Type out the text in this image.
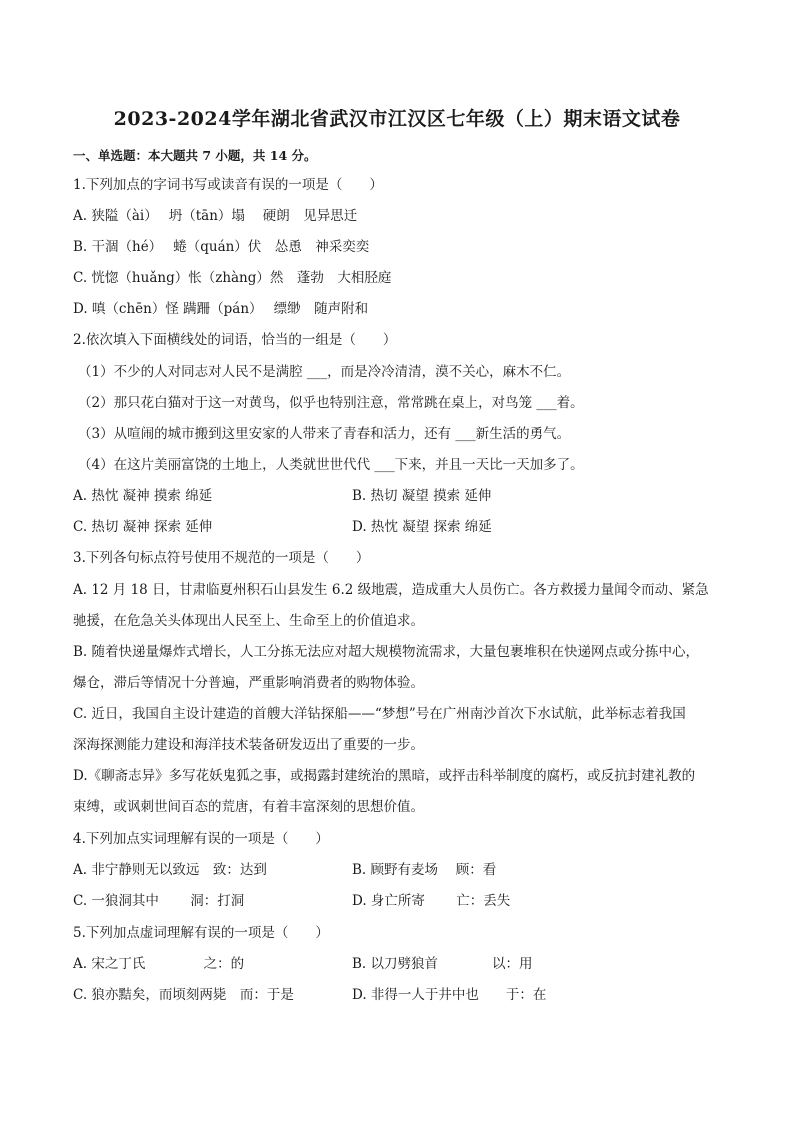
2023-2024学年湖北省武汉市江汉区七年级（上）期末语文试卷
一、单选题：本大题共 7 小题，共 14 分。
1.下列加点的字词书写或读音有误的一项是（　　）
A. 狭隘（ài）　 坍（tān）塌　 硬朗　见异思迁
B. 干涸（hé）　 蜷（quán）伏　怂恿　神采奕奕
C. 恍惚（huǎng）怅（zhàng）然　蓬勃　大相胫庭
D. 嗔（chēn）怪 蹒跚（pán）　 缥缈　随声附和
2.依次填入下面横线处的词语，恰当的一组是（　　）
（1）不少的人对同志对人民不是满腔 ___，而是冷冷清清，漠不关心，麻木不仁。
（2）那只花白猫对于这一对黄鸟，似乎也特别注意，常常跳在桌上，对鸟笼 ___着。
（3）从喧闹的城市搬到这里安家的人带来了青春和活力，还有 ___新生活的勇气。
（4）在这片美丽富饶的土地上，人类就世世代代 ___下来，并且一天比一天加多了。
A. 热忱 凝神 摸索 绵延	B. 热切 凝望 摸索 延伸
C. 热切 凝神 探索 延伸	D. 热忱 凝望 探索 绵延
3.下列各句标点符号使用不规范的一项是（　　）
A. 12 月 18 日，甘肃临夏州积石山县发生 6.2 级地震，造成重大人员伤亡。各方救援力量闻令而动、紧急
驰援，在危急关头体现出人民至上、生命至上的价值追求。
B. 随着快递量爆炸式增长，人工分拣无法应对超大规模物流需求，大量包裹堆积在快递网点或分拣中心，
爆仓，滞后等情况十分普遍，严重影响消费者的购物体验。
C. 近日，我国自主设计建造的首艘大洋钻探船——“梦想”号在广州南沙首次下水试航，此举标志着我国
深海探测能力建设和海洋技术装备研发迈出了重要的一步。
D.《聊斋志异》多写花妖鬼狐之事，或揭露封建统治的黑暗，或抨击科举制度的腐朽，或反抗封建礼教的
束缚，或讽刺世间百态的荒唐，有着丰富深刻的思想价值。
4.下列加点实词理解有误的一项是（　　）
A. 非宁静则无以致远　致：达到	B. 顾野有麦场　 顾：看
C. 一狼洞其中　　 洞：打洞	D. 身亡所寄　　 亡：丢失
5.下列加点虚词理解有误的一项是（　　）
A. 宋之丁氏　　　　 之：的	B. 以刀劈狼首　　　　以：用
C. 狼亦黠矣，而顷刻两毙　而：于是	D. 非得一人于井中也　　于：在
